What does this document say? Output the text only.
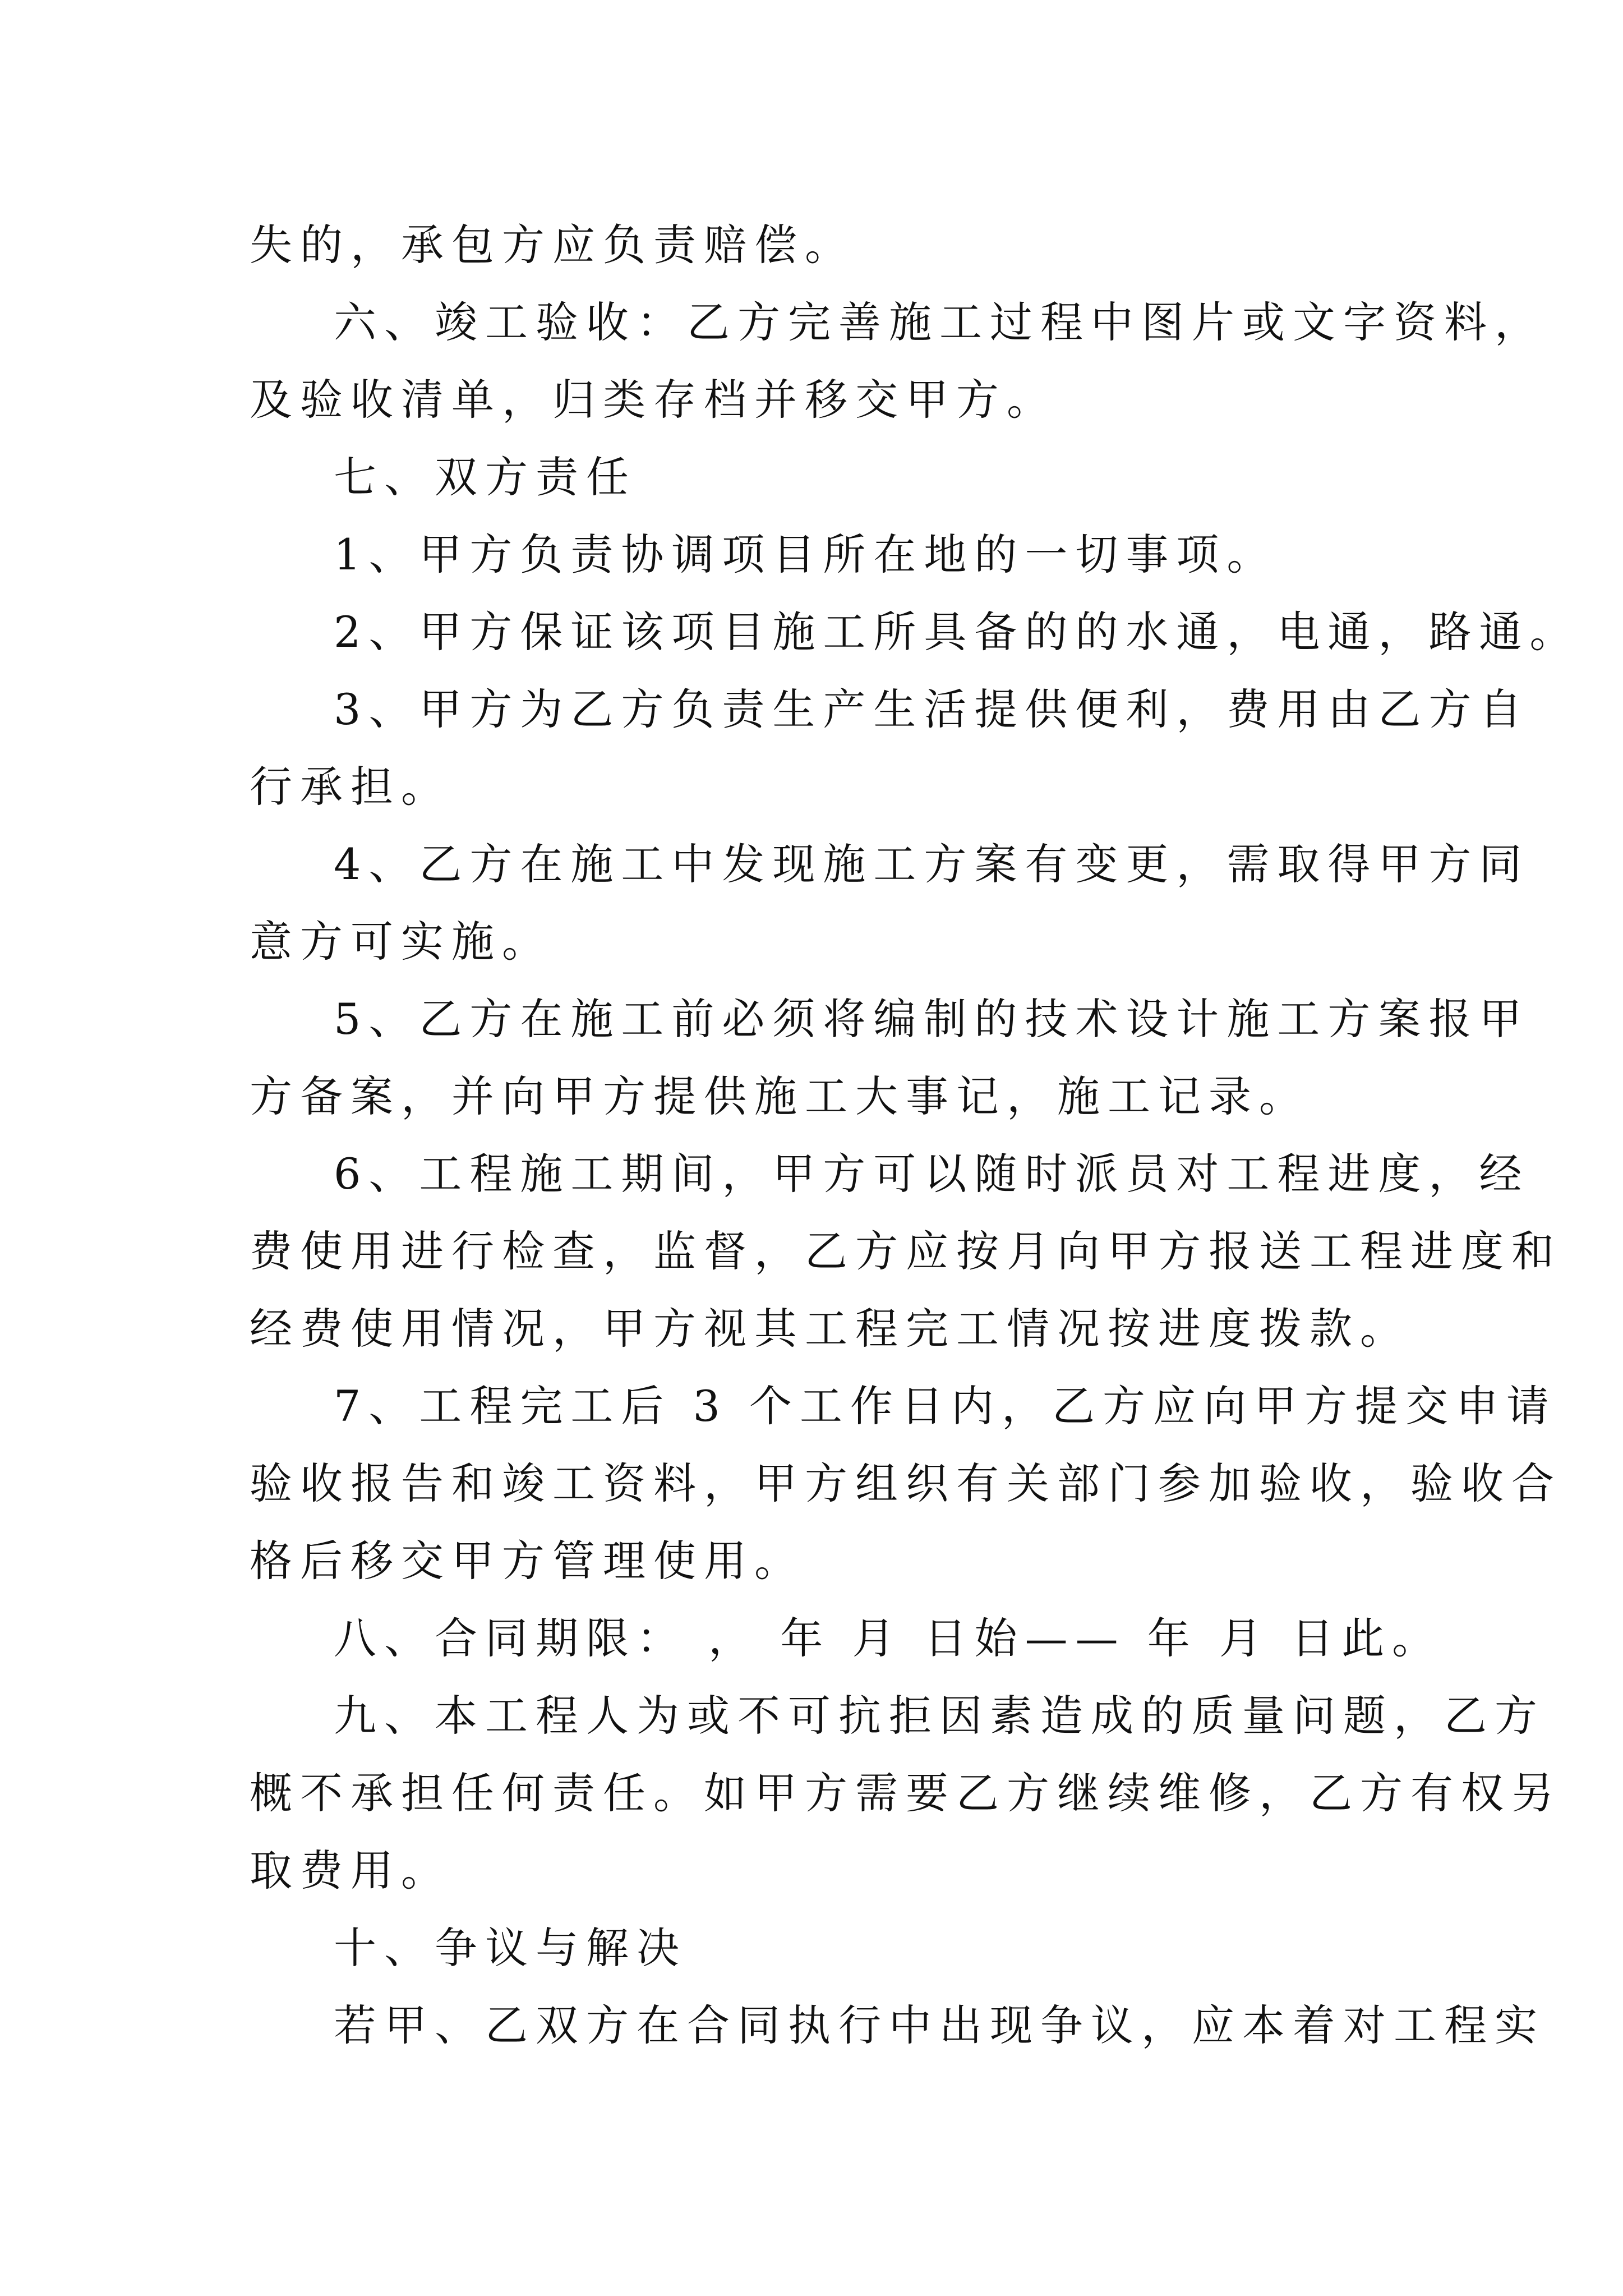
失的，承包方应负责赔偿。
六、竣工验收：乙方完善施工过程中图片或文字资料，
及验收清单，归类存档并移交甲方。
七、双方责任
1、甲方负责协调项目所在地的一切事项。
2、甲方保证该项目施工所具备的的水通，电通，路通。
3、甲方为乙方负责生产生活提供便利，费用由乙方自
行承担。
4、乙方在施工中发现施工方案有变更，需取得甲方同
意方可实施。
5、乙方在施工前必须将编制的技术设计施工方案报甲
方备案，并向甲方提供施工大事记，施工记录。
6、工程施工期间，甲方可以随时派员对工程进度，经
费使用进行检查，监督，乙方应按月向甲方报送工程进度和
经费使用情况，甲方视其工程完工情况按进度拨款。
7、工程完工后 3 个工作日内，乙方应向甲方提交申请
验收报告和竣工资料，甲方组织有关部门参加验收，验收合
格后移交甲方管理使用。
八、合同期限： ， 年 月 日始—— 年 月 日此。
九、本工程人为或不可抗拒因素造成的质量问题，乙方
概不承担任何责任。如甲方需要乙方继续维修，乙方有权另
取费用。
十、争议与解决
若甲、乙双方在合同执行中出现争议，应本着对工程实
